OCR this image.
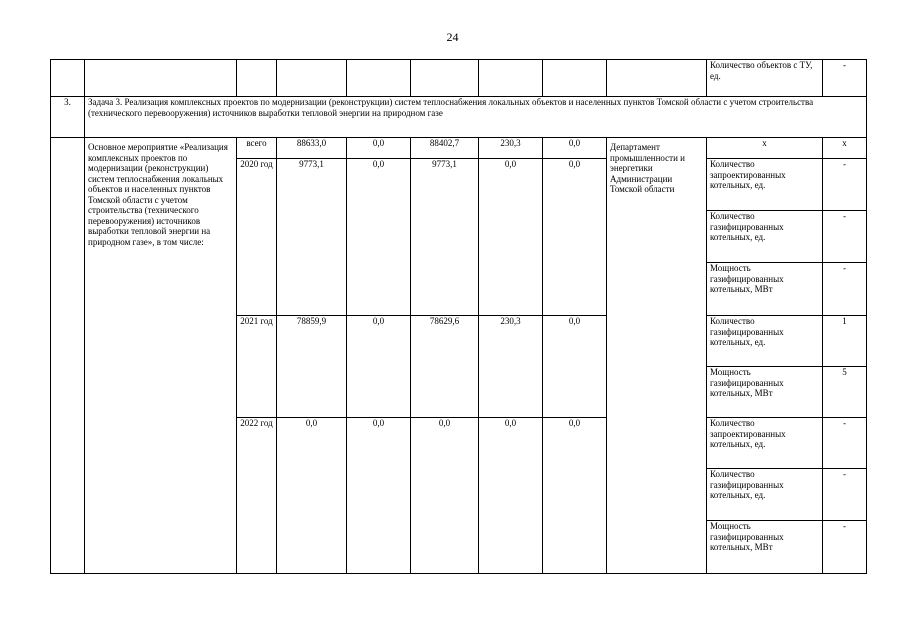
24
									Количество объектов с ТУ, ед.	-
3.	Задача 3. Реализация комплексных проектов по модернизации (реконструкции) систем теплоснабжения локальных объектов и населенных пунктов Томской области с учетом строительства (технического перевооружения) источников выработки тепловой энергии на природном газе									
	Основное мероприятие «Реализация комплексных проектов по модернизации (реконструкции) систем теплоснабжения локальных объектов и населенных пунктов Томской области с учетом строительства (технического перевооружения) источников выработки тепловой энергии на природном газе», в том числе:	всего	88633,0	0,0	88402,7	230,3	0,0	Департамент промышленности и энергетики Администрации Томской области	х	х
		2020 год	9773,1	0,0	9773,1	0,0	0,0		Количество запроектированных котельных, ед.	-
									Количество газифицированных котельных, ед.	-
									Мощность газифицированных котельных, МВт	-
		2021 год	78859,9	0,0	78629,6	230,3	0,0		Количество газифицированных котельных, ед.	1
									Мощность газифицированных котельных, МВт	5
		2022 год	0,0	0,0	0,0	0,0	0,0		Количество запроектированных котельных, ед.	-
									Количество газифицированных котельных, ед.	-
									Мощность газифицированных котельных, МВт	-
